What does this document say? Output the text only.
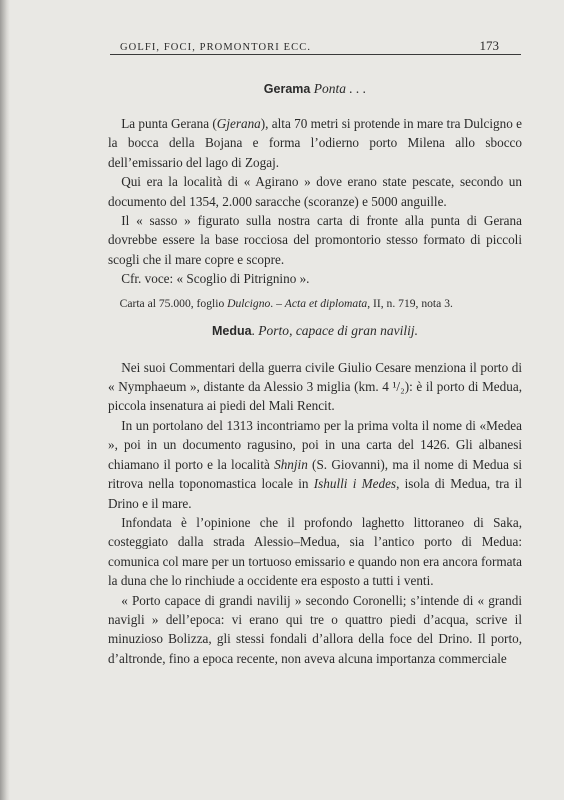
GOLFI, FOCI, PROMONTORI ECC.	173
Gerama Ponta . . .

 La punta Gerana (Gjerana), alta 70 metri si protende in mare tra Dulcigno e la bocca della Bojana e forma l’odierno porto Milena allo sbocco dell’emissario del lago di Zogaj.

 Qui era la località di « Agirano » dove erano state pescate, secondo un documento del 1354, 2.000 saracche (scoranze) e 5000 anguille.

 Il « sasso » figurato sulla nostra carta di fronte alla punta di Gerana dovrebbe essere la base rocciosa del promontorio stesso formato di piccoli scogli che il mare copre e scopre.

 Cfr. voce: « Scoglio di Pitrignino ».

 Carta al 75.000, foglio Dulcigno. – Acta et diplomata, II, n. 719, nota 3.

Medua. Porto, capace di gran navilij.

 Nei suoi Commentari della guerra civile Giulio Cesare menziona il porto di « Nymphaeum », distante da Alessio 3 miglia (km. 4 ¹/₂): è il porto di Medua, piccola insenatura ai piedi del Mali Rencit.

 In un portolano del 1313 incontriamo per la prima volta il nome di «Medea », poi in un documento ragusino, poi in una carta del 1426. Gli albanesi chiamano il porto e la località Shnjin (S. Giovanni), ma il nome di Medua si ritrova nella toponomastica locale in Ishulli i Medes, isola di Medua, tra il Drino e il mare.

 Infondata è l’opinione che il profondo laghetto littoraneo di Saka, costeggiato dalla strada Alessio–Medua, sia l’antico porto di Medua: comunica col mare per un tortuoso emissario e quando non era ancora formata la duna che lo rinchiude a occidente era esposto a tutti i venti.

 « Porto capace di grandi navilij » secondo Coronelli; s’intende di « grandi navigli » dell’epoca: vi erano qui tre o quattro piedi d’acqua, scrive il minuzioso Bolizza, gli stessi fondali d’allora della foce del Drino. Il porto, d’altronde, fino a epoca recente, non aveva alcuna importanza commerciale
